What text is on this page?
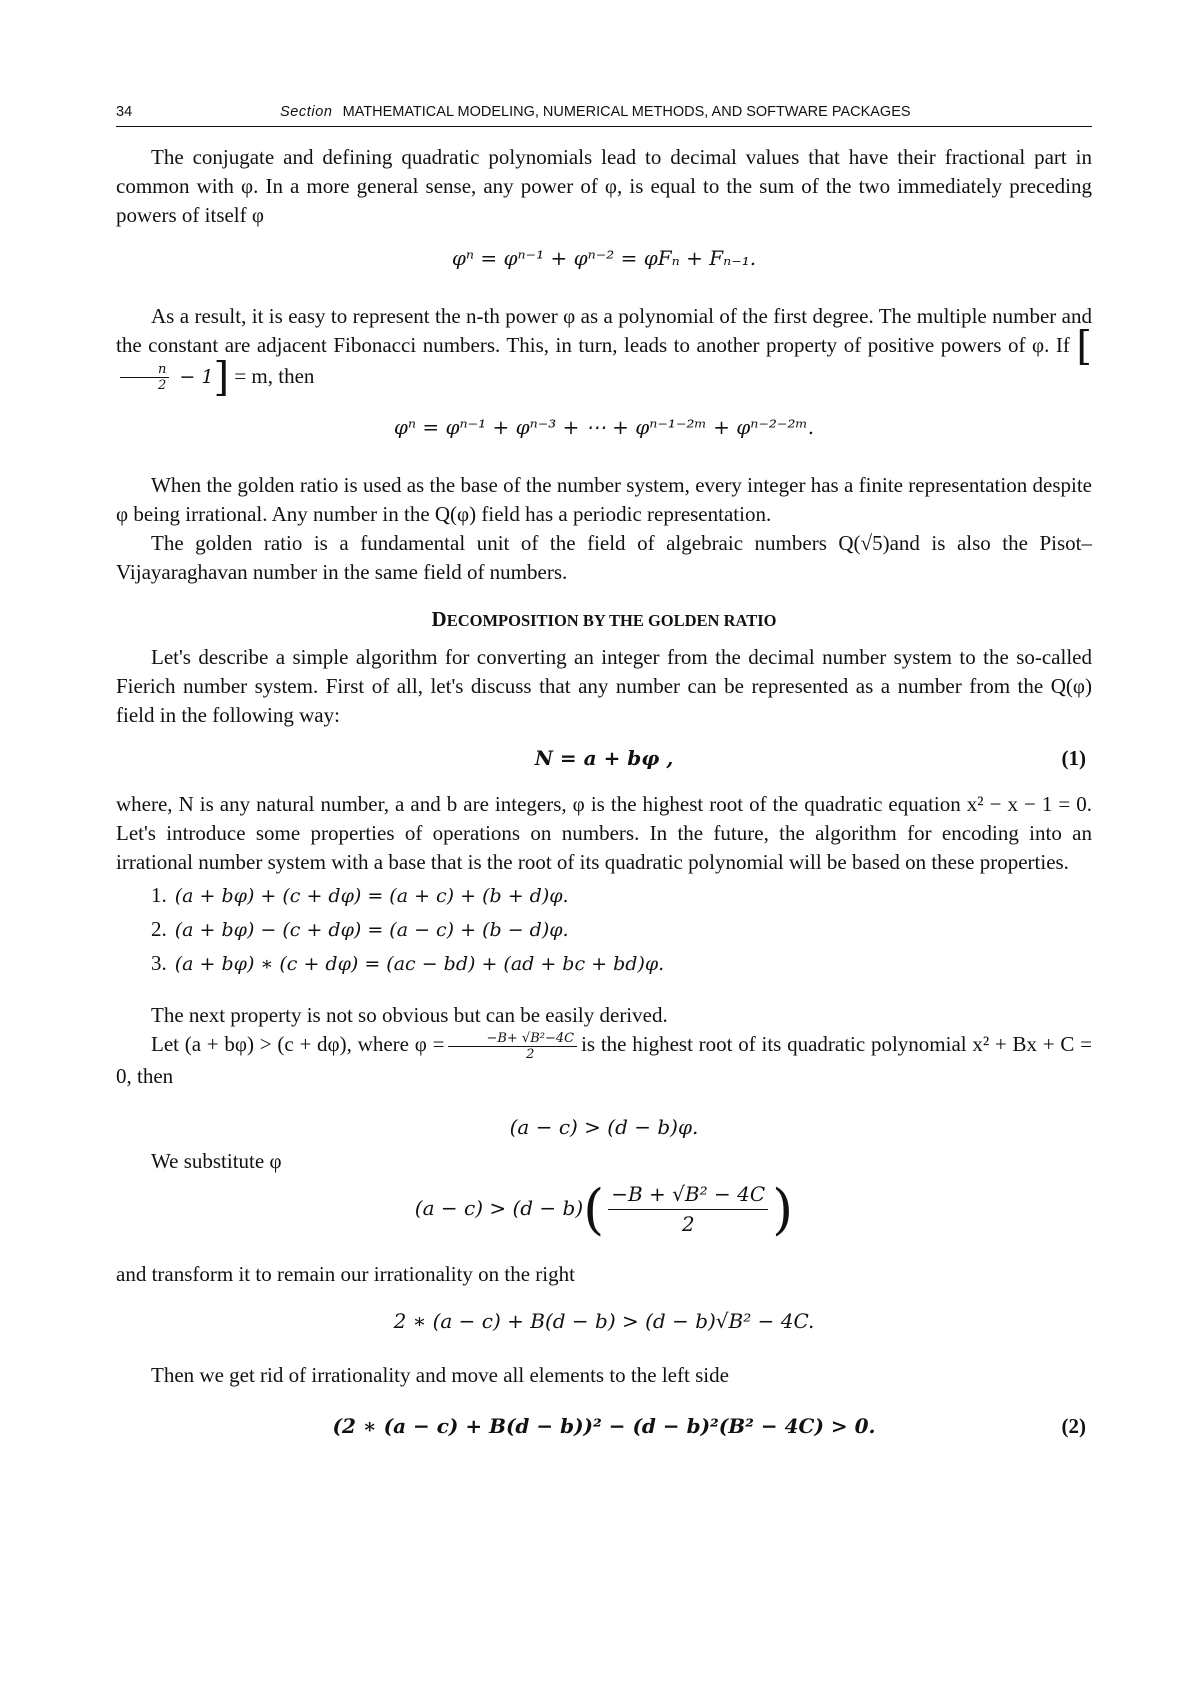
34	Section MATHEMATICAL MODELING, NUMERICAL METHODS, AND SOFTWARE PACKAGES

The conjugate and defining quadratic polynomials lead to decimal values that have their fractional part in common with φ. In a more general sense, any power of φ, is equal to the sum of the two immediately preceding powers of itself φ

φⁿ = φⁿ⁻¹ + φⁿ⁻² = φFₙ + Fₙ₋₁.

As a result, it is easy to represent the n-th power φ as a polynomial of the first degree. The multiple number and the constant are adjacent Fibonacci numbers. This, in turn, leads to another property of positive powers of φ. If [
n
2 − 1] = m, then

φⁿ = φⁿ⁻¹ + φⁿ⁻³ + ⋯ + φⁿ⁻¹⁻²ᵐ + φⁿ⁻²⁻²ᵐ.

When the golden ratio is used as the base of the number system, every integer has a finite representation despite φ being irrational. Any number in the Q(φ) field has a periodic representation.

The golden ratio is a fundamental unit of the field of algebraic numbers Q(√5)and is also the Pisot–Vijayaraghavan number in the same field of numbers.

DECOMPOSITION BY THE GOLDEN RATIO

Let's describe a simple algorithm for converting an integer from the decimal number system to the so-called Fierich number system. First of all, let's discuss that any number can be represented as a number from the Q(φ) field in the following way:

N = a + bφ ,	(1)

where, N is any natural number, a and b are integers, φ is the highest root of the quadratic equation x² − x − 1 = 0. Let's introduce some properties of operations on numbers. In the future, the algorithm for encoding into an irrational number system with a base that is the root of its quadratic polynomial will be based on these properties.

1. (a + bφ) + (c + dφ) = (a + c) + (b + d)φ.
2. (a + bφ) − (c + dφ) = (a − c) + (b − d)φ.
3. (a + bφ) ∗ (c + dφ) = (ac − bd) + (ad + bc + bd)φ.

The next property is not so obvious but can be easily derived.

Let (a + bφ) > (c + dφ), where φ =	−B+ √B²−4C
2	is the highest root of its quadratic polynomial x² + Bx + C = 0, then

(a − c) > (d − b)φ.

We substitute φ

(a − c) > (d − b)( −B + √B² − 4C
2	)

and transform it to remain our irrationality on the right

2 ∗ (a − c) + B(d − b) > (d − b)√B² − 4C.

Then we get rid of irrationality and move all elements to the left side

(2 ∗ (a − c) + B(d − b))² − (d − b)²(B² − 4C) > 0.	(2)
